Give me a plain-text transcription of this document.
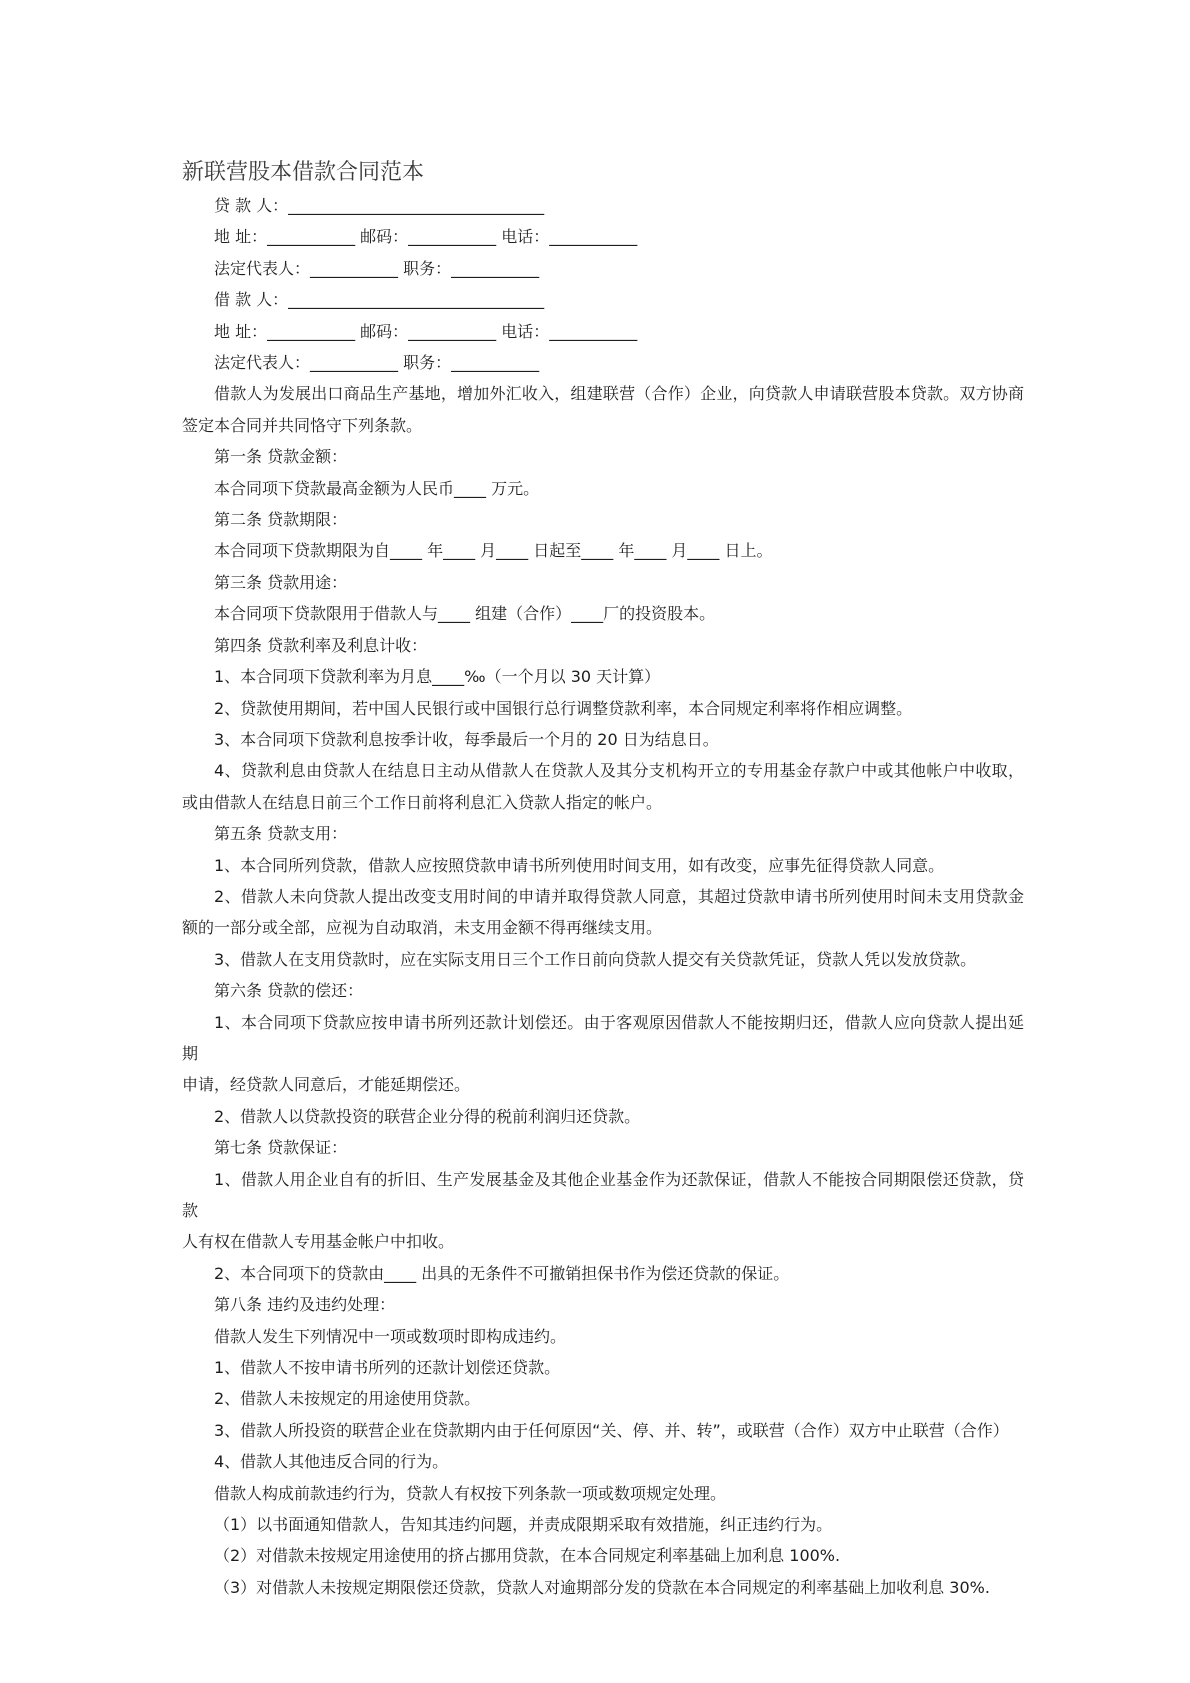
新联营股本借款合同范本
贷 款 人：________________________________
地 址：___________ 邮码：___________ 电话：___________
法定代表人：___________ 职务：___________
借 款 人：________________________________
地 址：___________ 邮码：___________ 电话：___________
法定代表人：___________ 职务：___________
借款人为发展出口商品生产基地，增加外汇收入，组建联营（合作）企业，向贷款人申请联营股本贷款。双方协商
签定本合同并共同恪守下列条款。
第一条 贷款金额：
本合同项下贷款最高金额为人民币____ 万元。
第二条 贷款期限：
本合同项下贷款期限为自____ 年____ 月____ 日起至____ 年____ 月____ 日上。
第三条 贷款用途：
本合同项下贷款限用于借款人与____ 组建（合作）____厂的投资股本。
第四条 贷款利率及利息计收：
1、本合同项下贷款利率为月息____‰（一个月以 30 天计算）
2、贷款使用期间，若中国人民银行或中国银行总行调整贷款利率，本合同规定利率将作相应调整。
3、本合同项下贷款利息按季计收，每季最后一个月的 20 日为结息日。
4、贷款利息由贷款人在结息日主动从借款人在贷款人及其分支机构开立的专用基金存款户中或其他帐户中收取，
或由借款人在结息日前三个工作日前将利息汇入贷款人指定的帐户。
第五条 贷款支用：
1、本合同所列贷款，借款人应按照贷款申请书所列使用时间支用，如有改变，应事先征得贷款人同意。
2、借款人未向贷款人提出改变支用时间的申请并取得贷款人同意，其超过贷款申请书所列使用时间未支用贷款金
额的一部分或全部，应视为自动取消，未支用金额不得再继续支用。
3、借款人在支用贷款时，应在实际支用日三个工作日前向贷款人提交有关贷款凭证，贷款人凭以发放贷款。
第六条 贷款的偿还：
1、本合同项下贷款应按申请书所列还款计划偿还。由于客观原因借款人不能按期归还，借款人应向贷款人提出延期
申请，经贷款人同意后，才能延期偿还。
2、借款人以贷款投资的联营企业分得的税前利润归还贷款。
第七条 贷款保证：
1、借款人用企业自有的折旧、生产发展基金及其他企业基金作为还款保证，借款人不能按合同期限偿还贷款，贷款
人有权在借款人专用基金帐户中扣收。
2、本合同项下的贷款由____ 出具的无条件不可撤销担保书作为偿还贷款的保证。
第八条 违约及违约处理：
借款人发生下列情况中一项或数项时即构成违约。
1、借款人不按申请书所列的还款计划偿还贷款。
2、借款人未按规定的用途使用贷款。
3、借款人所投资的联营企业在贷款期内由于任何原因“关、停、并、转”，或联营（合作）双方中止联营（合作）
4、借款人其他违反合同的行为。
借款人构成前款违约行为，贷款人有权按下列条款一项或数项规定处理。
（1）以书面通知借款人，告知其违约问题，并责成限期采取有效措施，纠正违约行为。
（2）对借款未按规定用途使用的挤占挪用贷款，在本合同规定利率基础上加利息 100%.
（3）对借款人未按规定期限偿还贷款，贷款人对逾期部分发的贷款在本合同规定的利率基础上加收利息 30%.
